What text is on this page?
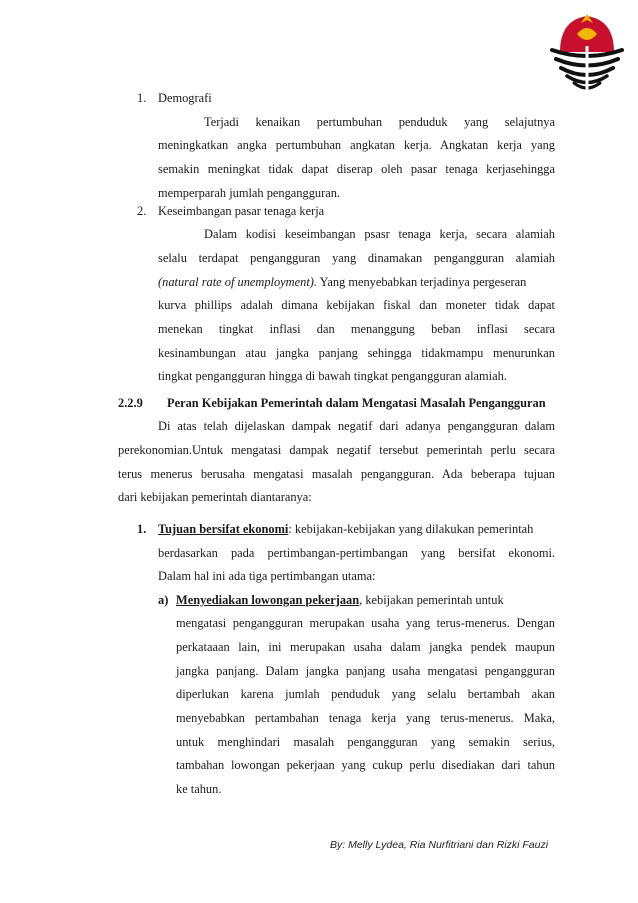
1. Demografi
Terjadi kenaikan pertumbuhan penduduk yang selajutnya
meningkatkan angka pertumbuhan angkatan kerja. Angkatan kerja yang
semakin meningkat tidak dapat diserap oleh pasar tenaga kerjasehingga
memperparah jumlah pengangguran.
2. Keseimbangan pasar tenaga kerja
Dalam kodisi keseimbangan psasr tenaga kerja, secara alamiah
selalu terdapat pengangguran yang dinamakan pengangguran alamiah
(natural rate of unemployment). Yang menyebabkan terjadinya pergeseran
kurva phillips adalah dimana kebijakan fiskal dan moneter tidak dapat
menekan tingkat inflasi dan menanggung beban inflasi secara
kesinambungan atau jangka panjang sehingga tidakmampu menurunkan
tingkat pengangguran hingga di bawah tingkat pengangguran alamiah.
2.2.9 Peran Kebijakan Pemerintah dalam Mengatasi Masalah Pengangguran
Di atas telah dijelaskan dampak negatif dari adanya pengangguran dalam
perekonomian.Untuk mengatasi dampak negatif tersebut pemerintah perlu secara
terus menerus berusaha mengatasi masalah pengangguran. Ada beberapa tujuan
dari kebijakan pemerintah diantaranya:
1. Tujuan bersifat ekonomi: kebijakan-kebijakan yang dilakukan pemerintah
berdasarkan pada pertimbangan-pertimbangan yang bersifat ekonomi.
Dalam hal ini ada tiga pertimbangan utama:
a) Menyediakan lowongan pekerjaan, kebijakan pemerintah untuk
mengatasi pengangguran merupakan usaha yang terus-menerus. Dengan
perkataaan lain, ini merupakan usaha dalam jangka pendek maupun
jangka panjang. Dalam jangka panjang usaha mengatasi pengangguran
diperlukan karena jumlah penduduk yang selalu bertambah akan
menyebabkan pertambahan tenaga kerja yang terus-menerus. Maka,
untuk menghindari masalah pengangguran yang semakin serius,
tambahan lowongan pekerjaan yang cukup perlu disediakan dari tahun
ke tahun.
By: Melly Lydea, Ria Nurfitriani dan Rizki Fauzi
